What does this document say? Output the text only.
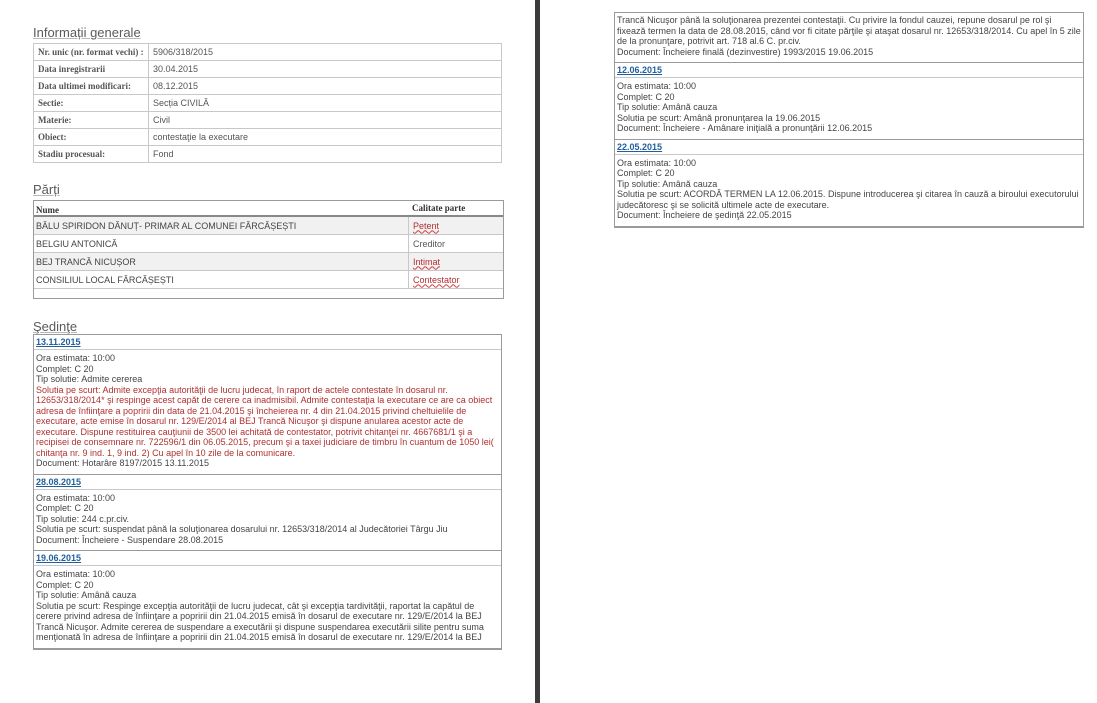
Informații generale
Nr. unic (nr. format vechi) :	5906/318/2015
Data inregistrarii	30.04.2015
Data ultimei modificari:	08.12.2015
Sectie:	Secția CIVILĂ
Materie:	Civil
Obiect:	contestaţie la executare
Stadiu procesual:	Fond
Părți
Nume	Calitate parte
BĂLU SPIRIDON DĂNUȚ- PRIMAR AL COMUNEI FĂRCĂȘEȘTI	Petent
BELGIU ANTONICĂ	Creditor
BEJ TRANCĂ NICUȘOR	Intimat
CONSILIUL LOCAL FĂRCĂȘEȘTI	Contestator
Şedinţe
13.11.2015
Ora estimata: 10:00
Complet: C 20
Tip solutie: Admite cererea
Solutia pe scurt: Admite excepţia autorităţii de lucru judecat, în raport de actele contestate în dosarul nr. 12653/318/2014* şi respinge acest capăt de cerere ca inadmisibil. Admite contestaţia la executare ce are ca obiect adresa de înfiinţare a popririi din data de 21.04.2015 şi încheierea nr. 4 din 21.04.2015 privind cheltuielile de executare, acte emise în dosarul nr. 129/E/2014 al BEJ Trancă Nicuşor şi dispune anularea acestor acte de executare. Dispune restituirea cauţiunii de 3500 lei achitată de contestator, potrivit chitanţei nr. 4667681/1 şi a recipisei de consemnare nr. 722596/1 din 06.05.2015, precum şi a taxei judiciare de timbru în cuantum de 1050 lei( chitanţa nr. 9 ind. 1, 9 ind. 2) Cu apel în 10 zile de la comunicare.
Document: Hotarâre 8197/2015 13.11.2015
28.08.2015
Ora estimata: 10:00
Complet: C 20
Tip solutie: 244 c.pr.civ.
Solutia pe scurt: suspendat până la soluţionarea dosarului nr. 12653/318/2014 al Judecătoriei Târgu Jiu
Document: Încheiere - Suspendare 28.08.2015
19.06.2015
Ora estimata: 10:00
Complet: C 20
Tip solutie: Amână cauza
Solutia pe scurt: Respinge excepţia autorităţii de lucru judecat, cât şi excepţia tardivităţii, raportat la capătul de cerere privind adresa de înfiinţare a popririi din 21.04.2015 emisă în dosarul de executare nr. 129/E/2014 la BEJ Trancă Nicuşor. Admite cererea de suspendare a executării şi dispune suspendarea executării silite pentru suma menţionată în adresa de înfiinţare a popririi din 21.04.2015 emisă în dosarul de executare nr. 129/E/2014 la BEJ
Trancă Nicuşor până la soluţionarea prezentei contestaţii. Cu privire la fondul cauzei, repune dosarul pe rol şi fixează termen la data de 28.08.2015, când vor fi citate părţile şi ataşat dosarul nr. 12653/318/2014. Cu apel în 5 zile de la pronunţare, potrivit art. 718 al.6 C. pr.civ.
Document: Încheiere finală (dezinvestire) 1993/2015 19.06.2015
12.06.2015
Ora estimata: 10:00
Complet: C 20
Tip solutie: Amână cauza
Solutia pe scurt: Amână pronunţarea la 19.06.2015
Document: Încheiere - Amânare iniţială a pronunţării 12.06.2015
22.05.2015
Ora estimata: 10:00
Complet: C 20
Tip solutie: Amână cauza
Solutia pe scurt: ACORDĂ TERMEN LA 12.06.2015. Dispune introducerea şi citarea în cauză a biroului executorului judecătoresc şi se solicită ultimele acte de executare.
Document: Încheiere de şedinţă 22.05.2015
